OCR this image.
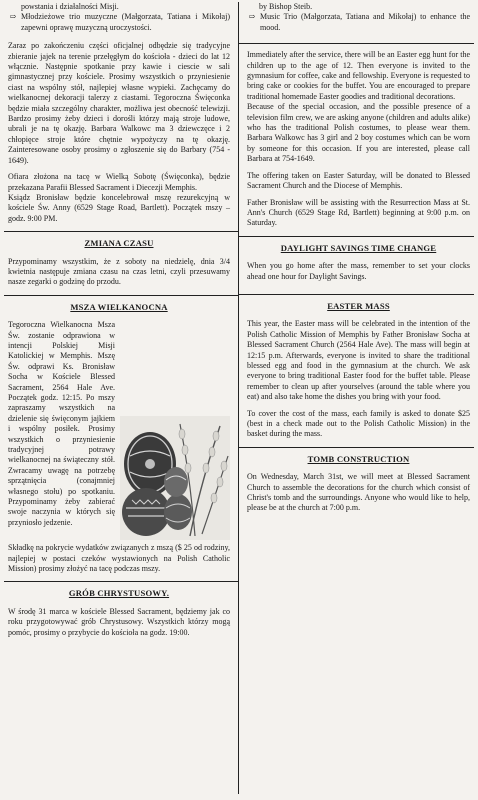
powstania i działalności Misji.
⇨ Młodzieżowe trio muzyczne (Małgorzata, Tatiana i Mikołaj) zapewni oprawę muzyczną uroczystości.

Zaraz po zakończeniu części oficjalnej odbędzie się tradycyjne zbieranie jajek na terenie przełęgłym do kościoła - dzieci do lat 12 włącznie. Następnie spotkanie przy kawie i ciescie w sali gimnastycznej przy kościele. Prosimy wszystkich o przyniesienie ciast na wspólny stół, najlepiej własne wypieki. Zachęcamy do wielkanocnej dekoracji talerzy z ciastami. Tegoroczna Święconka będzie miała szczególny charakter, możliwa jest obecność telewizji. Bardzo prosimy żeby dzieci i dorośli którzy mają stroje ludowe, ubrali je na tę okazję. Barbara Walkowc ma 3 dziewczęce i 2 chłopięce stroje które chętnie wypożyczy na tę okazję. Zainteresowane osoby prosimy o zgłoszenie się do Barbary (754 - 1649).

Ofiara złożona na tacę w Wielką Sobotę (Święconka), będzie przekazana Parafii Blessed Sacrament i Diecezji Memphis.

Ksiądz Bronisław będzie koncelebrował mszę rezurekcyjną w kościele Św. Anny (6529 Stage Road, Bartlett). Początek mszy – godz. 9:00 PM.

ZMIANA CZASU

Przypominamy wszystkim, że z soboty na niedzielę, dnia 3/4 kwietnia następuje zmiana czasu na czas letni, czyli przesuwamy nasze zegarki o godzinę do przodu.

MSZA WIELKANOCNA

Tegoroczna Wielkanocna Msza Św. zostanie odprawiona w intencji Polskiej Misji Katolickiej w Memphis. Mszę Św. odprawi Ks. Bronisław Socha w Kościele Blessed Sacrament, 2564 Hale Ave. Początek godz. 12:15. Po mszy zapraszamy wszystkich na dzielenie się święconym jajkiem i wspólny posiłek. Prosimy wszystkich o przyniesienie tradycyjnej potrawy wielkanocnej na świąteczny stół. Zwracamy uwagę na potrzebę sprzątnięcia (conajmniej własnego stołu) po spotkaniu. Przypominamy żeby zabierać swoje naczynia w których się przyniosło jedzenie.

Składkę na pokrycie wydatków związanych z mszą ($ 25 od rodziny, najlepiej w postaci czeków wystawionych na Polish Catholic Mission) prosimy złożyć na tacę podczas mszy.

GRÓB CHRYSTUSOWY.

W środę 31 marca w kościele Blessed Sacrament, będziemy jak co roku przygotowywać grób Chrystusowy. Wszystkich którzy mogą pomóc, prosimy o przybycie do kościoła na godz. 19:00.

by Bishop Steib.
⇨ Music Trio (Małgorzata, Tatiana and Mikołaj) to enhance the mood.

Immediately after the service, there will be an Easter egg hunt for the children up to the age of 12. Then everyone is invited to the gymnasium for coffee, cake and fellowship. Everyone is requested to bring cake or cookies for the buffet. You are encouraged to prepare traditional homemade Easter goodies and traditional decorations.

Because of the special occasion, and the possible presence of a television film crew, we are asking anyone (children and adults alike) who has the traditional Polish costumes, to please wear them. Barbara Walkowc has 3 girl and 2 boy costumes which can be worn by someone for this occasion. If you are interested, please call Barbara at 754-1649.

The offering taken on Easter Saturday, will be donated to Blessed Sacrament Church and the Diocese of Memphis.

Father Bronisław will be assisting with the Resurrection Mass at St. Ann's Church (6529 Stage Rd, Bartlett) beginning at 9:00 p.m. on Saturday.

DAYLIGHT SAVINGS TIME CHANGE

When you go home after the mass, remember to set your clocks ahead one hour for Daylight Savings.

EASTER MASS

This year, the Easter mass will be celebrated in the intention of the Polish Catholic Mission of Memphis by Father Bronisław Socha at Blessed Sacrament Church (2564 Hale Ave). The mass will begin at 12:15 p.m. Afterwards, everyone is invited to share the traditional blessed egg and food in the gymnasium at the church. We ask everyone to bring traditional Easter food for the buffet table. Please remember to clean up after yourselves (around the table where you eat) and also take home the dishes you bring with your food.

To cover the cost of the mass, each family is asked to donate $25 (best in a check made out to the Polish Catholic Mission) in the basket during the mass.

TOMB CONSTRUCTION

On Wednesday, March 31st, we will meet at Blessed Sacrament Church to assemble the decorations for the church which consist of Christ's tomb and the surroundings. Anyone who would like to help, please be at the church at 7:00 p.m.
